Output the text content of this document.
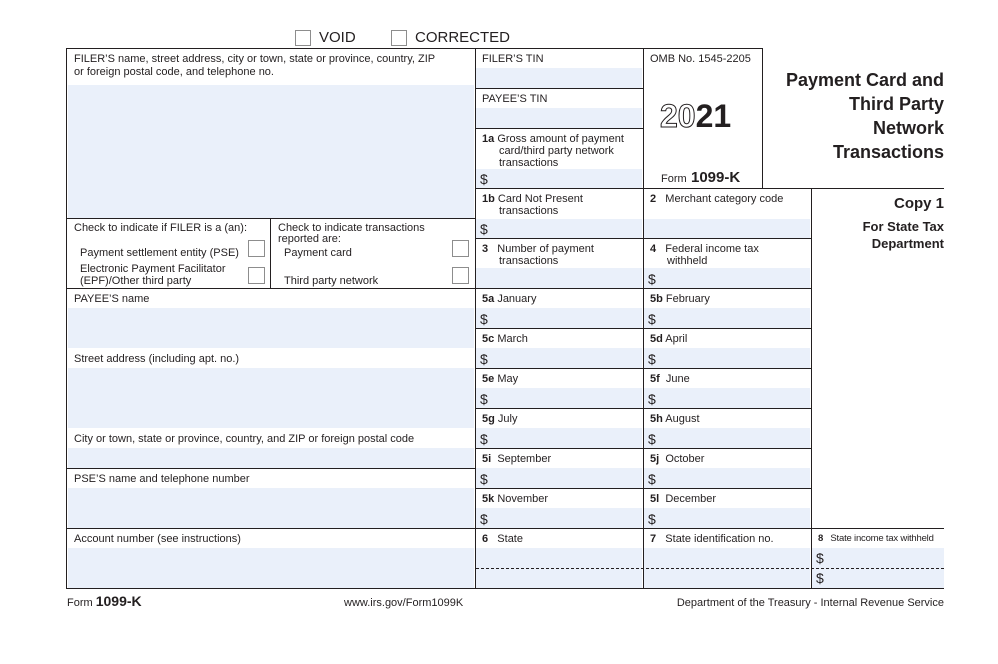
VOID	CORRECTED
FILER’S name, street address, city or town, state or province, country, ZIP
or foreign postal code, and telephone no.
FILER’S TIN
PAYEE’S TIN
Check to indicate if FILER is a (an):
Payment settlement entity (PSE)
Electronic Payment Facilitator
(EPF)/Other third party
Check to indicate transactions
reported are:
Payment card
Third party network
PAYEE’S name
Street address (including apt. no.)
City or town, state or province, country, and ZIP or foreign postal code
PSE’S name and telephone number
Account number (see instructions)
OMB No. 1545-2205
2021
Form 1099-K
Payment Card and
Third Party
Network
Transactions
Copy 1
For State Tax
Department
1a Gross amount of payment
card/third party network
transactions
$
1b Card Not Present
transactions
$
2 Merchant category code
3 Number of payment
transactions
4 Federal income tax
withheld
$
5a January
$
5b February
$
5c March
$
5d April
$
5e May
$
5f June
$
5g July
$
5h August
$
5i September
$
5j October
$
5k November
$
5l December
$
6 State	7 State identification no.	8 State income tax withheld
$
$
Form 1099-K	www.irs.gov/Form1099K	Department of the Treasury - Internal Revenue Service
